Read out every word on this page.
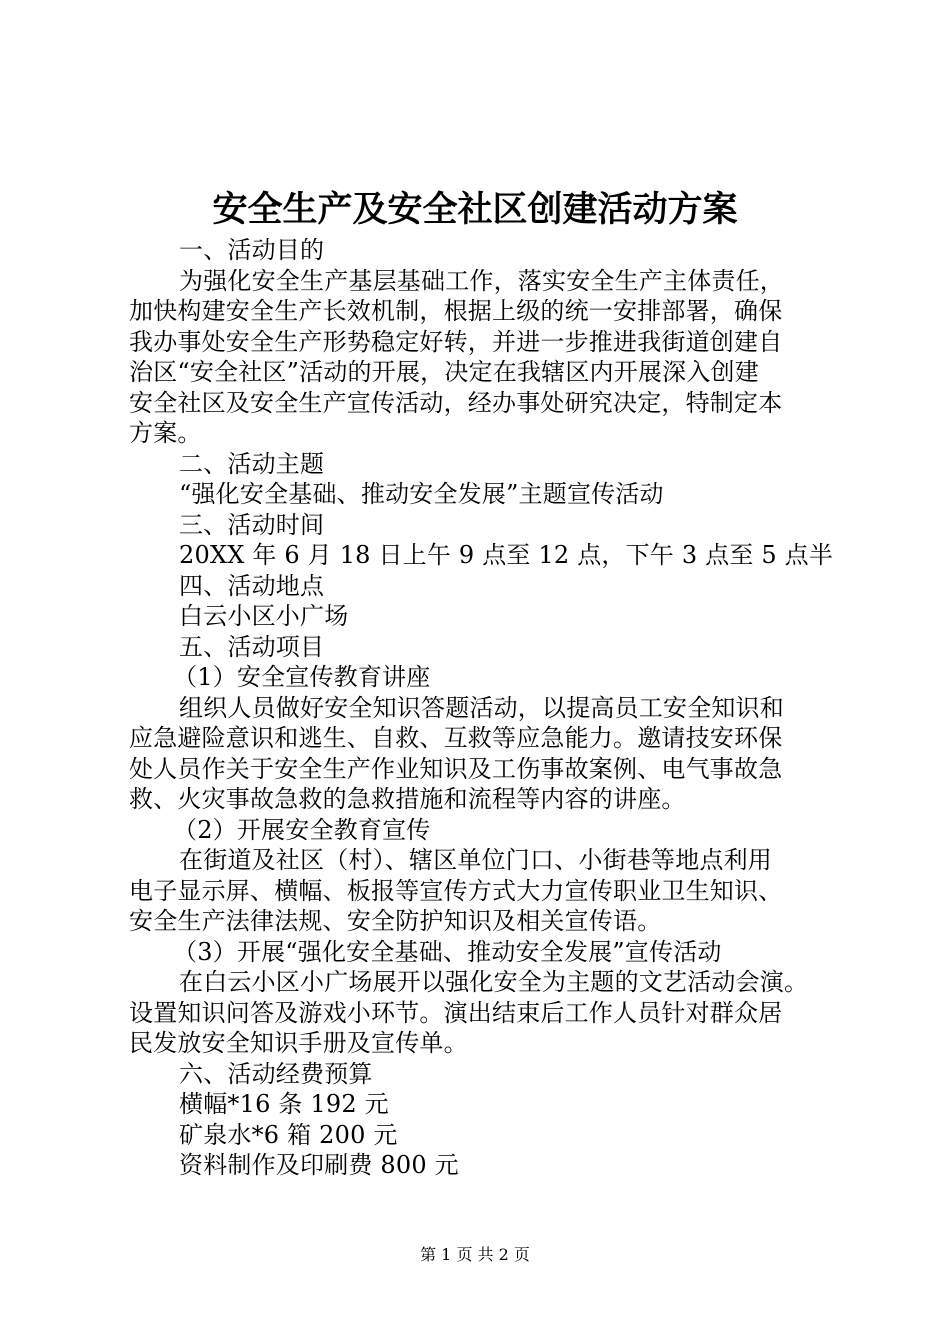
安全生产及安全社区创建活动方案
一、活动目的
为强化安全生产基层基础工作，落实安全生产主体责任，
加快构建安全生产长效机制，根据上级的统一安排部署，确保
我办事处安全生产形势稳定好转，并进一步推进我街道创建自
治区“安全社区”活动的开展，决定在我辖区内开展深入创建
安全社区及安全生产宣传活动，经办事处研究决定，特制定本
方案。
二、活动主题
“强化安全基础、推动安全发展”主题宣传活动
三、活动时间
20XX 年 6 月 18 日上午 9 点至 12 点，下午 3 点至 5 点半
四、活动地点
白云小区小广场
五、活动项目
（1）安全宣传教育讲座
组织人员做好安全知识答题活动，以提高员工安全知识和
应急避险意识和逃生、自救、互救等应急能力。邀请技安环保
处人员作关于安全生产作业知识及工伤事故案例、电气事故急
救、火灾事故急救的急救措施和流程等内容的讲座。
（2）开展安全教育宣传
在街道及社区（村）、辖区单位门口、小街巷等地点利用
电子显示屏、横幅、板报等宣传方式大力宣传职业卫生知识、
安全生产法律法规、安全防护知识及相关宣传语。
（3）开展“强化安全基础、推动安全发展”宣传活动
在白云小区小广场展开以强化安全为主题的文艺活动会演。
设置知识问答及游戏小环节。演出结束后工作人员针对群众居
民发放安全知识手册及宣传单。
六、活动经费预算
横幅*16 条 192 元
矿泉水*6 箱 200 元
资料制作及印刷费 800 元
第 1 页 共 2 页
